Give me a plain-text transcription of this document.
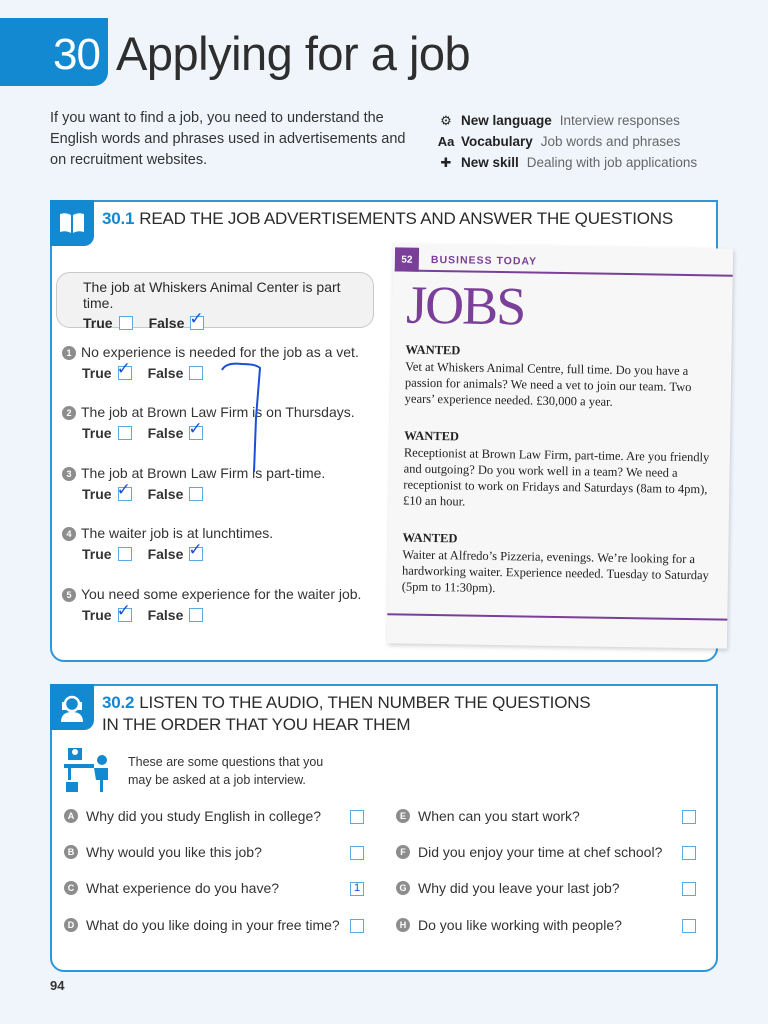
30 Applying for a job
If you want to find a job, you need to understand the English words and phrases used in advertisements and on recruitment websites.
⚙ New language Interview responses
Aa Vocabulary Job words and phrases
✚ New skill Dealing with job applications
30.1 READ THE JOB ADVERTISEMENTS AND ANSWER THE QUESTIONS
The job at Whiskers Animal Center is part time.
True	False ✓
1 No experience is needed for the job as a vet.
True ✓ False
2 The job at Brown Law Firm is on Thursdays.
True	False ✓
3 The job at Brown Law Firm is part-time.
True ✓ False
4 The waiter job is at lunchtimes.
True	False ✓
5 You need some experience for the waiter job.
True ✓ False
52	BUSINESS TODAY
JOBS
WANTED
Vet at Whiskers Animal Centre, full time. Do you have a passion for animals? We need a vet to join our team. Two years’ experience needed. £30,000 a year.
WANTED
Receptionist at Brown Law Firm, part-time. Are you friendly and outgoing? Do you work well in a team? We need a receptionist to work on Fridays and Saturdays (8am to 4pm), £10 an hour.
WANTED
Waiter at Alfredo’s Pizzeria, evenings. We’re looking for a hardworking waiter. Experience needed. Tuesday to Saturday (5pm to 11:30pm).
30.2 LISTEN TO THE AUDIO, THEN NUMBER THE QUESTIONS
IN THE ORDER THAT YOU HEAR THEM
These are some questions that you
may be asked at a job interview.
A Why did you study English in college?
B Why would you like this job?
C What experience do you have?	1
D What do you like doing in your free time?
E When can you start work?
F Did you enjoy your time at chef school?
G Why did you leave your last job?
H Do you like working with people?
94
